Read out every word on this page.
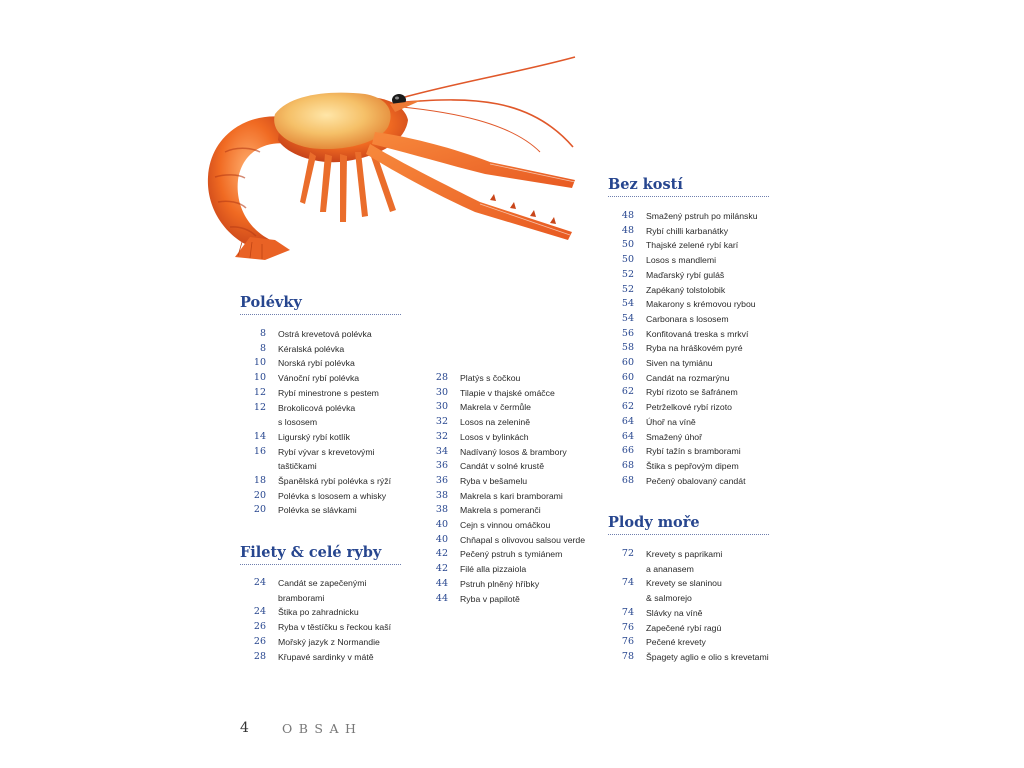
Polévky
8 Ostrá krevetová polévka
8 Kéralská polévka
10 Norská rybí polévka
10 Vánoční rybí polévka
12 Rybí minestrone s pestem
12 Brokolicová polévka
s lososem
14 Ligurský rybí kotlík
16 Rybí vývar s krevetovými
taštičkami
18 Španělská rybí polévka s rýží
20 Polévka s lososem a whisky
20 Polévka se slávkami
Filety & celé ryby
24 Candát se zapečenými
bramborami
24 Štika po zahradnicku
26 Ryba v těstíčku s řeckou kaší
26 Mořský jazyk z Normandie
28 Křupavé sardinky v mátě
28 Platýs s čočkou
30 Tilapie v thajské omáčce
30 Makrela v čermůle
32 Losos na zelenině
32 Losos v bylinkách
34 Nadívaný losos & brambory
36 Candát v solné krustě
36 Ryba v bešamelu
38 Makrela s kari bramborami
38 Makrela s pomeranči
40 Cejn s vinnou omáčkou
40 Chňapal s olivovou salsou verde
42 Pečený pstruh s tymiánem
42 Filé alla pizzaiola
44 Pstruh plněný hříbky
44 Ryba v papilotě
Bez kostí
48 Smažený pstruh po milánsku
48 Rybí chilli karbanátky
50 Thajské zelené rybí karí
50 Losos s mandlemi
52 Maďarský rybí guláš
52 Zapékaný tolstolobik
54 Makarony s krémovou rybou
54 Carbonara s lososem
56 Konfitovaná treska s mrkví
58 Ryba na hráškovém pyré
60 Siven na tymiánu
60 Candát na rozmarýnu
62 Rybí rizoto se šafránem
62 Petrželkové rybí rizoto
64 Úhoř na víně
64 Smažený úhoř
66 Rybí tažín s bramborami
68 Štika s pepřovým dipem
68 Pečený obalovaný candát
Plody moře
72 Krevety s paprikami
a ananasem
74 Krevety se slaninou
& salmorejo
74 Slávky na víně
76 Zapečené rybí ragú
76 Pečené krevety
78 Špagety aglio e olio s krevetami
4	OBSAH
